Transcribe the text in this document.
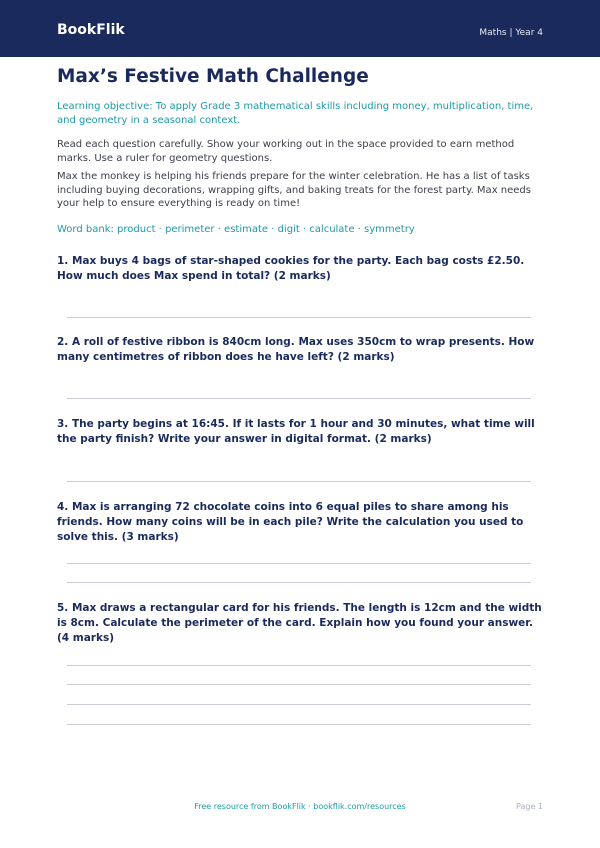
BookFlik	Maths | Year 4
Max’s Festive Math Challenge
Learning objective: To apply Grade 3 mathematical skills including money, multiplication, time, and geometry in a seasonal context.
Read each question carefully. Show your working out in the space provided to earn method marks. Use a ruler for geometry questions.
Max the monkey is helping his friends prepare for the winter celebration. He has a list of tasks including buying decorations, wrapping gifts, and baking treats for the forest party. Max needs your help to ensure everything is ready on time!
Word bank: product · perimeter · estimate · digit · calculate · symmetry
1. Max buys 4 bags of star-shaped cookies for the party. Each bag costs £2.50. How much does Max spend in total? (2 marks)
2. A roll of festive ribbon is 840cm long. Max uses 350cm to wrap presents. How many centimetres of ribbon does he have left? (2 marks)
3. The party begins at 16:45. If it lasts for 1 hour and 30 minutes, what time will the party finish? Write your answer in digital format. (2 marks)
4. Max is arranging 72 chocolate coins into 6 equal piles to share among his friends. How many coins will be in each pile? Write the calculation you used to solve this. (3 marks)
5. Max draws a rectangular card for his friends. The length is 12cm and the width is 8cm. Calculate the perimeter of the card. Explain how you found your answer. (4 marks)
Free resource from BookFlik · bookflik.com/resources	Page 1
